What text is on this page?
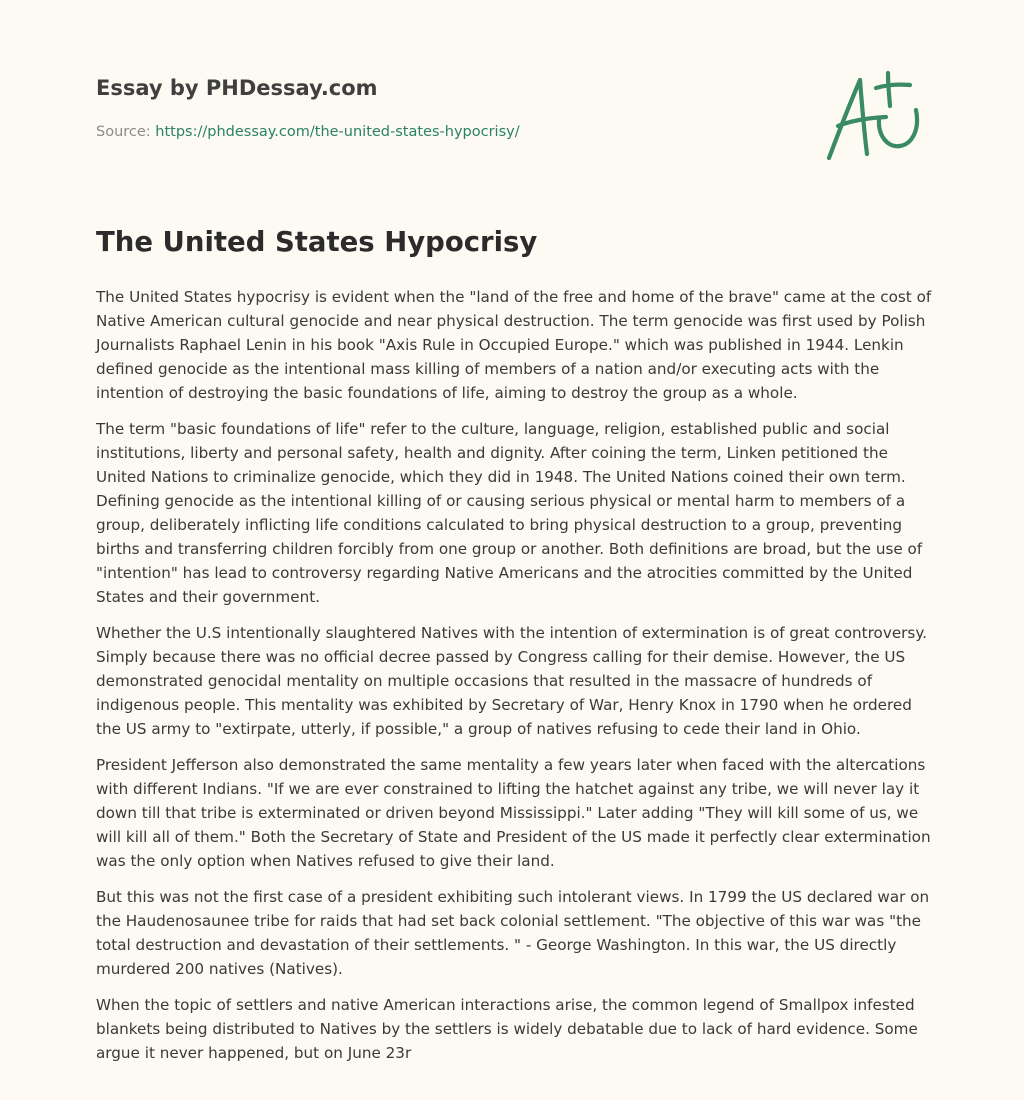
Essay by PHDessay.com
Source: https://phdessay.com/the-united-states-hypocrisy/
The United States Hypocrisy

The United States hypocrisy is evident when the "land of the free and home of the brave" came at the cost of Native American cultural genocide and near physical destruction. The term genocide was first used by Polish Journalists Raphael Lenin in his book "Axis Rule in Occupied Europe." which was published in 1944. Lenkin defined genocide as the intentional mass killing of members of a nation and/or executing acts with the intention of destroying the basic foundations of life, aiming to destroy the group as a whole.

The term "basic foundations of life" refer to the culture, language, religion, established public and social institutions, liberty and personal safety, health and dignity. After coining the term, Linken petitioned the United Nations to criminalize genocide, which they did in 1948. The United Nations coined their own term. Defining genocide as the intentional killing of or causing serious physical or mental harm to members of a group, deliberately inflicting life conditions calculated to bring physical destruction to a group, preventing births and transferring children forcibly from one group or another. Both definitions are broad, but the use of "intention" has lead to controversy regarding Native Americans and the atrocities committed by the United States and their government.

Whether the U.S intentionally slaughtered Natives with the intention of extermination is of great controversy. Simply because there was no official decree passed by Congress calling for their demise. However, the US demonstrated genocidal mentality on multiple occasions that resulted in the massacre of hundreds of indigenous people. This mentality was exhibited by Secretary of War, Henry Knox in 1790 when he ordered the US army to "extirpate, utterly, if possible," a group of natives refusing to cede their land in Ohio.

President Jefferson also demonstrated the same mentality a few years later when faced with the altercations with different Indians. "If we are ever constrained to lifting the hatchet against any tribe, we will never lay it down till that tribe is exterminated or driven beyond Mississippi." Later adding "They will kill some of us, we will kill all of them." Both the Secretary of State and President of the US made it perfectly clear extermination was the only option when Natives refused to give their land.

But this was not the first case of a president exhibiting such intolerant views. In 1799 the US declared war on the Haudenosaunee tribe for raids that had set back colonial settlement. "The objective of this war was "the total destruction and devastation of their settlements. " - George Washington. In this war, the US directly murdered 200 natives (Natives).

When the topic of settlers and native American interactions arise, the common legend of Smallpox infested blankets being distributed to Natives by the settlers is widely debatable due to lack of hard evidence. Some argue it never happened, but on June 23r
